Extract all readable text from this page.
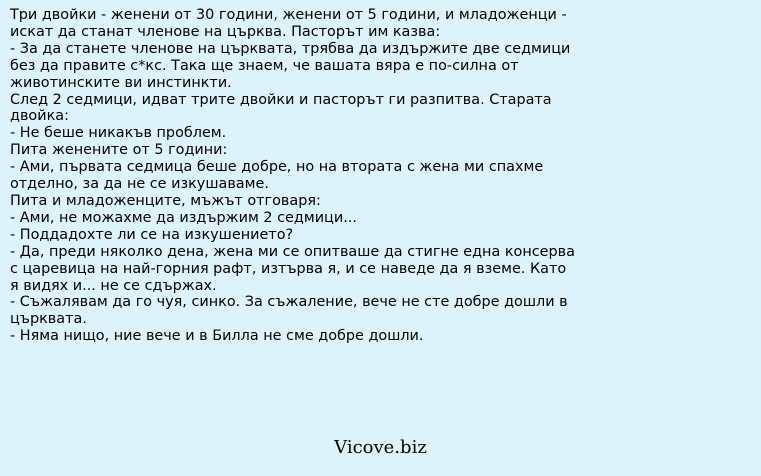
Три двойки - женени от 30 години, женени от 5 години, и младоженци -
искат да станат членове на църква. Пасторът им казва:
- За да станете членове на църквата, трябва да издържите две седмици
без да правите с*кс. Така ще знаем, че вашата вяра е по-силна от
животинските ви инстинкти.
След 2 седмици, идват трите двойки и пасторът ги разпитва. Старата
двойка:
- Не беше никакъв проблем.
Пита женените от 5 години:
- Ами, първата седмица беше добре, но на втората с жена ми спахме
отделно, за да не се изкушаваме.
Пита и младоженците, мъжът отговаря:
- Ами, не можахме да издържим 2 седмици...
- Поддадохте ли се на изкушението?
- Да, преди няколко дена, жена ми се опитваше да стигне една консерва
с царевица на най-горния рафт, изтърва я, и се наведе да я вземе. Като
я видях и... не се сдържах.
- Съжалявам да го чуя, синко. За съжаление, вече не сте добре дошли в
църквата.
- Няма нищо, ние вече и в Билла не сме добре дошли.
Vicove.biz
